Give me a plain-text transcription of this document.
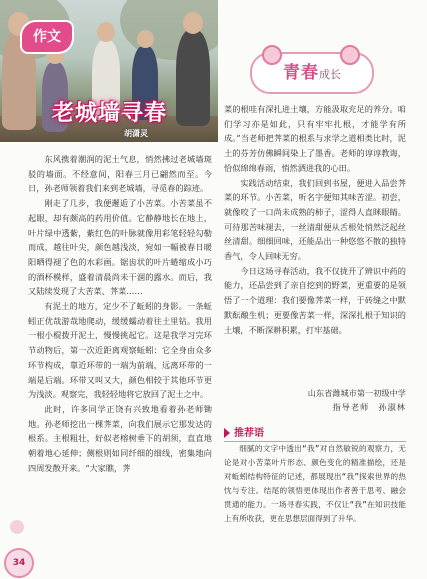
作文
老城墙寻春
胡潇灵
青春成长

东风携着潮润的泥土气息，悄然拂过老城墙斑驳的墙面。不经意间，阳春三月已翩然而至。今日，孙老师领着我们来到老城墙，寻觅春的踪迹。

刚走了几步，我便邂逅了小苦菜。小苦菜虽不起眼，却有颇高的药用价值。它静静地长在地上，叶片绿中透紫，紫红色的叶脉就像用彩笔轻轻勾勒而成，越往叶尖，颜色越浅淡，宛如一幅被春日暖阳晒得褪了色的水彩画。锯齿状的叶片蜷缩成小巧的酒杯模样，盛着清晨尚未干涸的露水。而后，我又陆续发现了大苦菜、荠菜……

有泥土的地方，定少不了蚯蚓的身影。一条蚯蚓正优哉游哉地爬动，缓缓蠕动着往土里钻。我用一根小棍拨开泥土，慢慢挑起它。这是我学习完环节动物后，第一次近距离观察蚯蚓：它全身由众多环节构成，靠近环带的一端为前端，远离环带的一端是后端。环带又叫又大，颜色相较于其他环节更为浅淡。观察完，我轻轻地将它放回了泥土之中。

此时，许多同学正饶有兴致地看着孙老师锄地。孙老师挖出一棵荠菜，向我们展示它那发达的根系。主根粗壮，好似老榕树垂下的胡须，直直地朝着地心延伸；侧根则如同纤细的细线，密集地向四周发散开来。“大家瞧，荠

菜的根哇有深扎进土壤，方能汲取充足的养分。咱们学习亦是如此，只有牢牢扎根，才能学有所成。”当老师把荠菜的根系与求学之道相类比时，泥土的芬芳仿佛瞬间染上了墨香。老师的谆谆教诲，恰似绵绵春雨，悄然洒进我的心田。

实践活动结束，我们回到书屋，便进入品尝荠菜的环节。小苦菜，听名字便知其味苦涩。初尝，就像咬了一口尚未成熟的柿子，涩得人直眯眼睛。可待那苦味褪去，一丝清甜便从舌根处悄然泛起丝丝清甜。细细回味，还能品出一种悠悠不散的独特香气，令人回味无穷。

今日这场寻春活动，我不仅拢开了辨识中药的能力，还品尝到了亲自挖到的野菜，更重要的是领悟了一个道理：我们要像荠菜一样，于砖缝之中默默酝酿生机；更要像苦菜一样，深深扎根于知识的土壤，不断深耕积累，打牢基础。

山东省潍城市第一初级中学
指导老师　孙淑林
推荐语

细腻的文字中透出“我”对自然敏锐的观察力，无论是对小苦菜叶片形态、颜色变化的精准描绘，还是对蚯蚓结构特征的记述，都展现出“我”探索世界的热忱与专注。结尾的领悟更体现出作者善于思考、融会贯通的能力。一场寻春实践，不仅让“我”在知识技能上有所收获，更在思想层面得到了升华。

34
